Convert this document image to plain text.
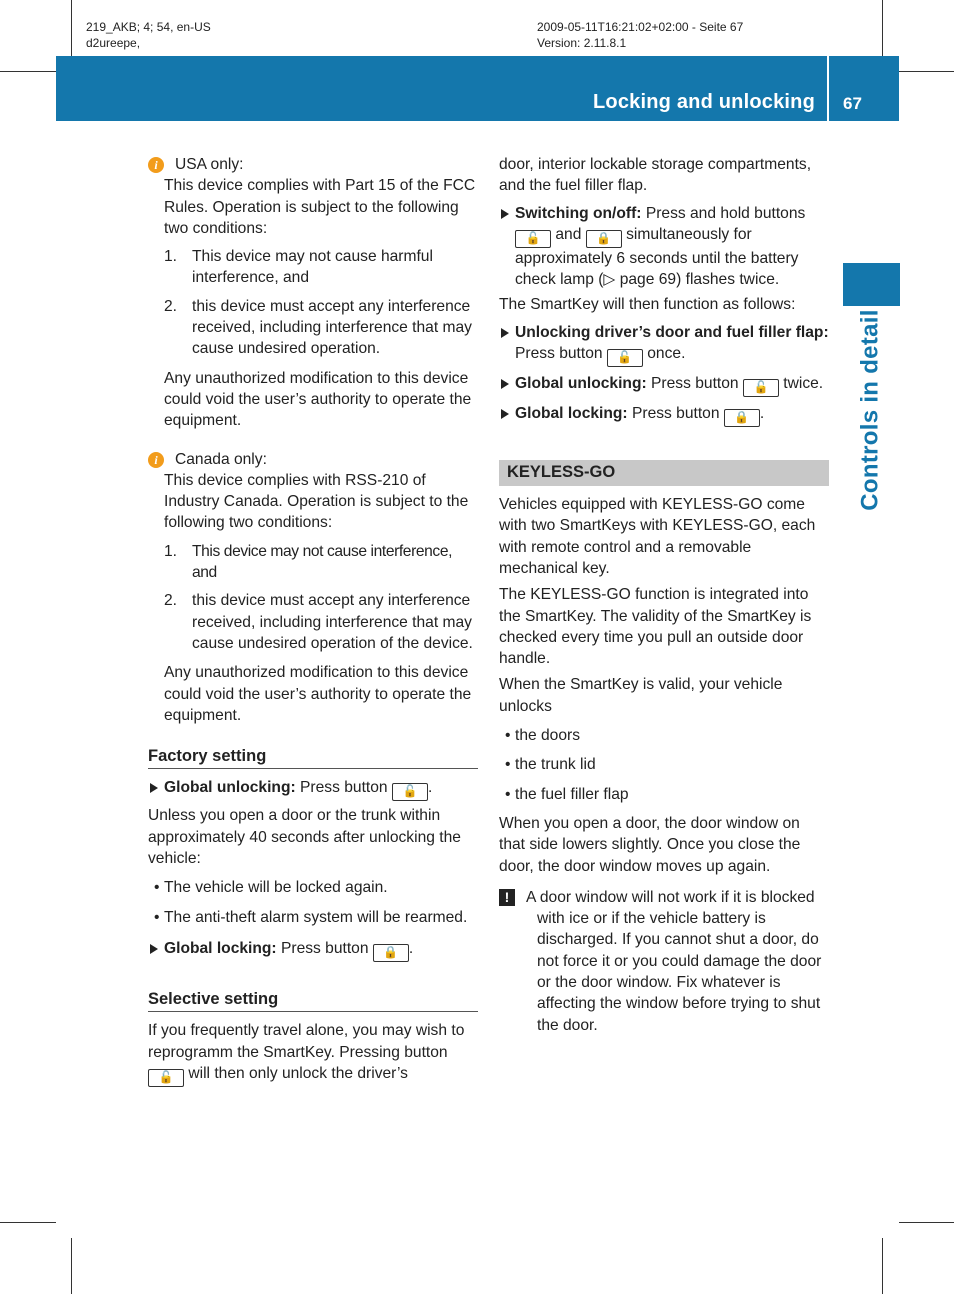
219_AKB; 4; 54, en-US
d2ureepe,
2009-05-11T16:21:02+02:00 - Seite 67
Version: 2.11.8.1
Locking and unlocking 67
Controls in detail
i	USA only:

This device complies with Part 15 of the FCC Rules. Operation is subject to the following two conditions:

1. This device may not cause harmful interference, and
2. this device must accept any interference received, including interference that may cause undesired operation.

Any unauthorized modification to this device could void the user’s authority to operate the equipment.

i	Canada only:

This device complies with RSS-210 of Industry Canada. Operation is subject to the following two conditions:

1. This device may not cause interference, and
2. this device must accept any interference received, including interference that may cause undesired operation of the device.

Any unauthorized modification to this device could void the user’s authority to operate the equipment.

Factory setting
Global unlocking: Press button 🔓 .

Unless you open a door or the trunk within approximately 40 seconds after unlocking the vehicle:

• The vehicle will be locked again.
• The anti-theft alarm system will be rearmed.
Global locking: Press button 🔒 .
Selective setting

If you frequently travel alone, you may wish to reprogramm the SmartKey. Pressing button 🔓 will then only unlock the driver’s

door, interior lockable storage compartments, and the fuel filler flap.

Switching on/off: Press and hold buttons 🔓 and 🔒 simultaneously for approximately 6 seconds until the battery check lamp (▷ page 69) flashes twice.

The SmartKey will then function as follows:

Unlocking driver’s door and fuel filler flap: Press button 🔓 once.
Global unlocking: Press button 🔓 twice.
Global locking: Press button 🔒 .
KEYLESS-GO

Vehicles equipped with KEYLESS-GO come with two SmartKeys with KEYLESS-GO, each with remote control and a removable mechanical key.

The KEYLESS-GO function is integrated into the SmartKey. The validity of the SmartKey is checked every time you pull an outside door handle.

When the SmartKey is valid, your vehicle unlocks

• the doors
• the trunk lid
• the fuel filler flap

When you open a door, the door window on that side lowers slightly. Once you close the door, the door window moves up again.

!	A door window will not work if it is blocked with ice or if the vehicle battery is discharged. If you cannot shut a door, do not force it or you could damage the door or the door window. Fix whatever is affecting the window before trying to shut the door.
